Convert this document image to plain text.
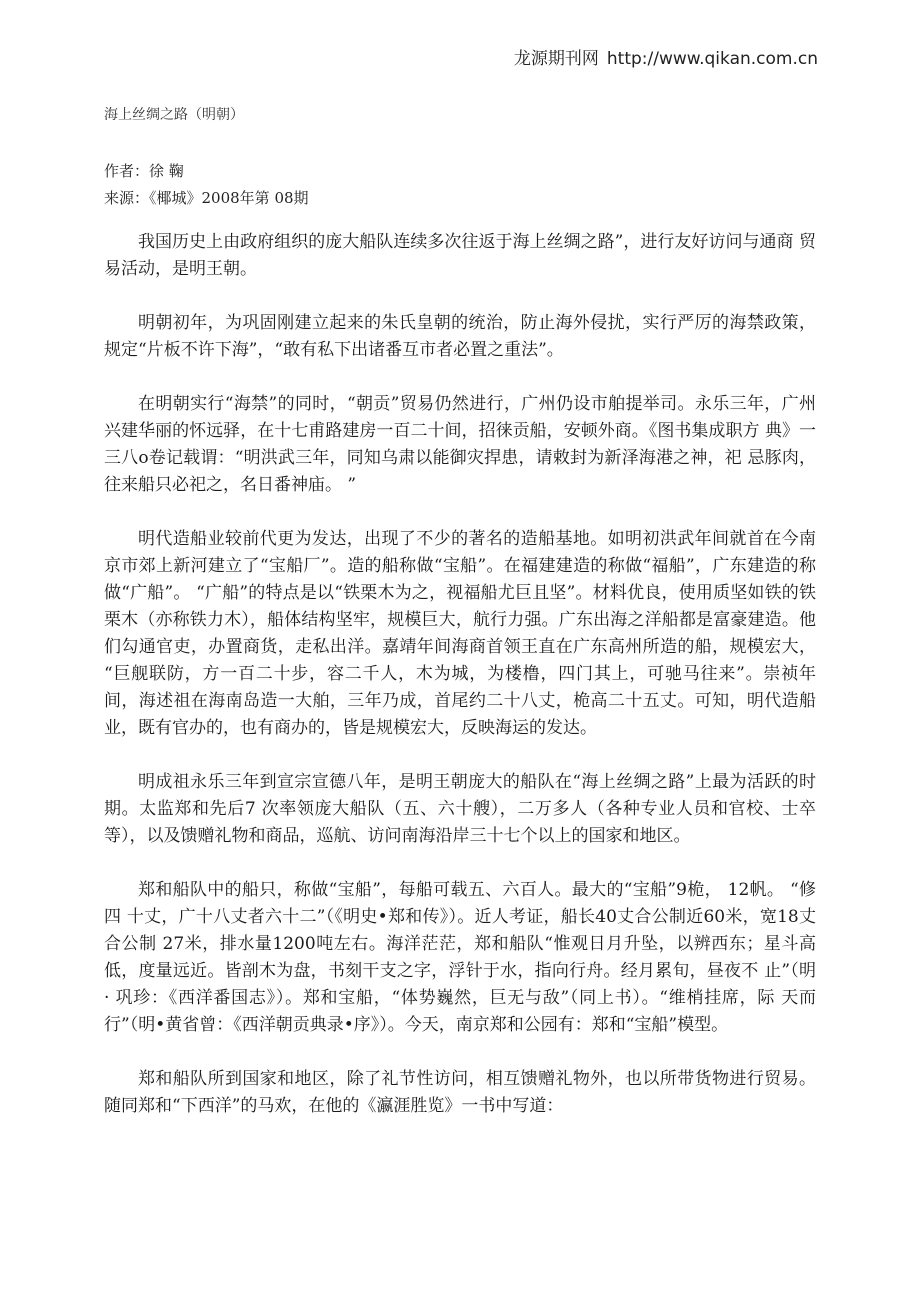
龙源期刊网 http://www.qikan.com.cn
海上丝绸之路（明朝）
作者：徐 鞠
来源：《椰城》2008年第 08期

我国历史上由政府组织的庞大船队连续多次往返于海上丝绸之路”，进行友好访问与通商 贸易活动，是明王朝。

明朝初年，为巩固刚建立起来的朱氏皇朝的统治，防止海外侵扰，实行严厉的海禁政策， 规定“片板不许下海”，“敢有私下出诸番互市者必置之重法”。

在明朝实行“海禁”的同时，“朝贡”贸易仍然进行，广州仍设市舶提举司。永乐三年，广州 兴建华丽的怀远驿，在十七甫路建房一百二十间，招徕贡船，安顿外商。《图书集成职方 典》一三八o卷记载谓：“明洪武三年，同知乌肃以能御灾捍患，请敕封为新泽海港之神，祀 忌豚肉，往来船只必祀之，名日番神庙。 ”

明代造船业较前代更为发达，出现了不少的著名的造船基地。如明初洪武年间就首在今南 京市郊上新河建立了“宝船厂”。造的船称做“宝船”。在福建建造的称做“福船”，广东建造的称 做“广船”。 “广船”的特点是以“铁栗木为之，视福船尤巨且坚”。材料优良，使用质坚如铁的铁 栗木（亦称铁力木），船体结构坚牢，规模巨大，航行力强。广东出海之洋船都是富豪建造。他 们勾通官吏，办置商货，走私出洋。嘉靖年间海商首领王直在广东高州所造的船，规模宏大， “巨舰联防，方一百二十步，容二千人，木为城，为楼橹，四门其上，可驰马往来”。崇祯年 间，海述祖在海南岛造一大舶，三年乃成，首尾约二十八丈，桅高二十五丈。可知，明代造船 业，既有官办的，也有商办的，皆是规模宏大，反映海运的发达。

明成祖永乐三年到宣宗宣德八年，是明王朝庞大的船队在“海上丝绸之路”上最为活跃的时 期。太监郑和先后7 次率领庞大船队（五、六十艘），二万多人（各种专业人员和官校、士卒 等），以及馈赠礼物和商品，巡航、访问南海沿岸三十七个以上的国家和地区。

郑和船队中的船只，称做“宝船”，每船可载五、六百人。最大的“宝船”9桅， 12帆。 “修四 十丈，广十八丈者六十二”（《明史•郑和传》）。近人考证，船长40丈合公制近60米，宽18丈 合公制 27米，排水量1200吨左右。海洋茫茫，郑和船队“惟观日月升坠，以辨西东；星斗高 低，度量远近。皆剖木为盘，书刻干支之字，浮针于水，指向行舟。经月累旬，昼夜不 止”（明 · 巩珍：《西洋番国志》）。郑和宝船，“体势巍然，巨无与敌”（同上书）。“维梢挂席，际 天而行”（明•黄省曾：《西洋朝贡典录•序》）。今天，南京郑和公园有：郑和“宝船”模型。

郑和船队所到国家和地区，除了礼节性访问，相互馈赠礼物外，也以所带货物进行贸易。 随同郑和“下西洋”的马欢，在他的《瀛涯胜览》一书中写道：
